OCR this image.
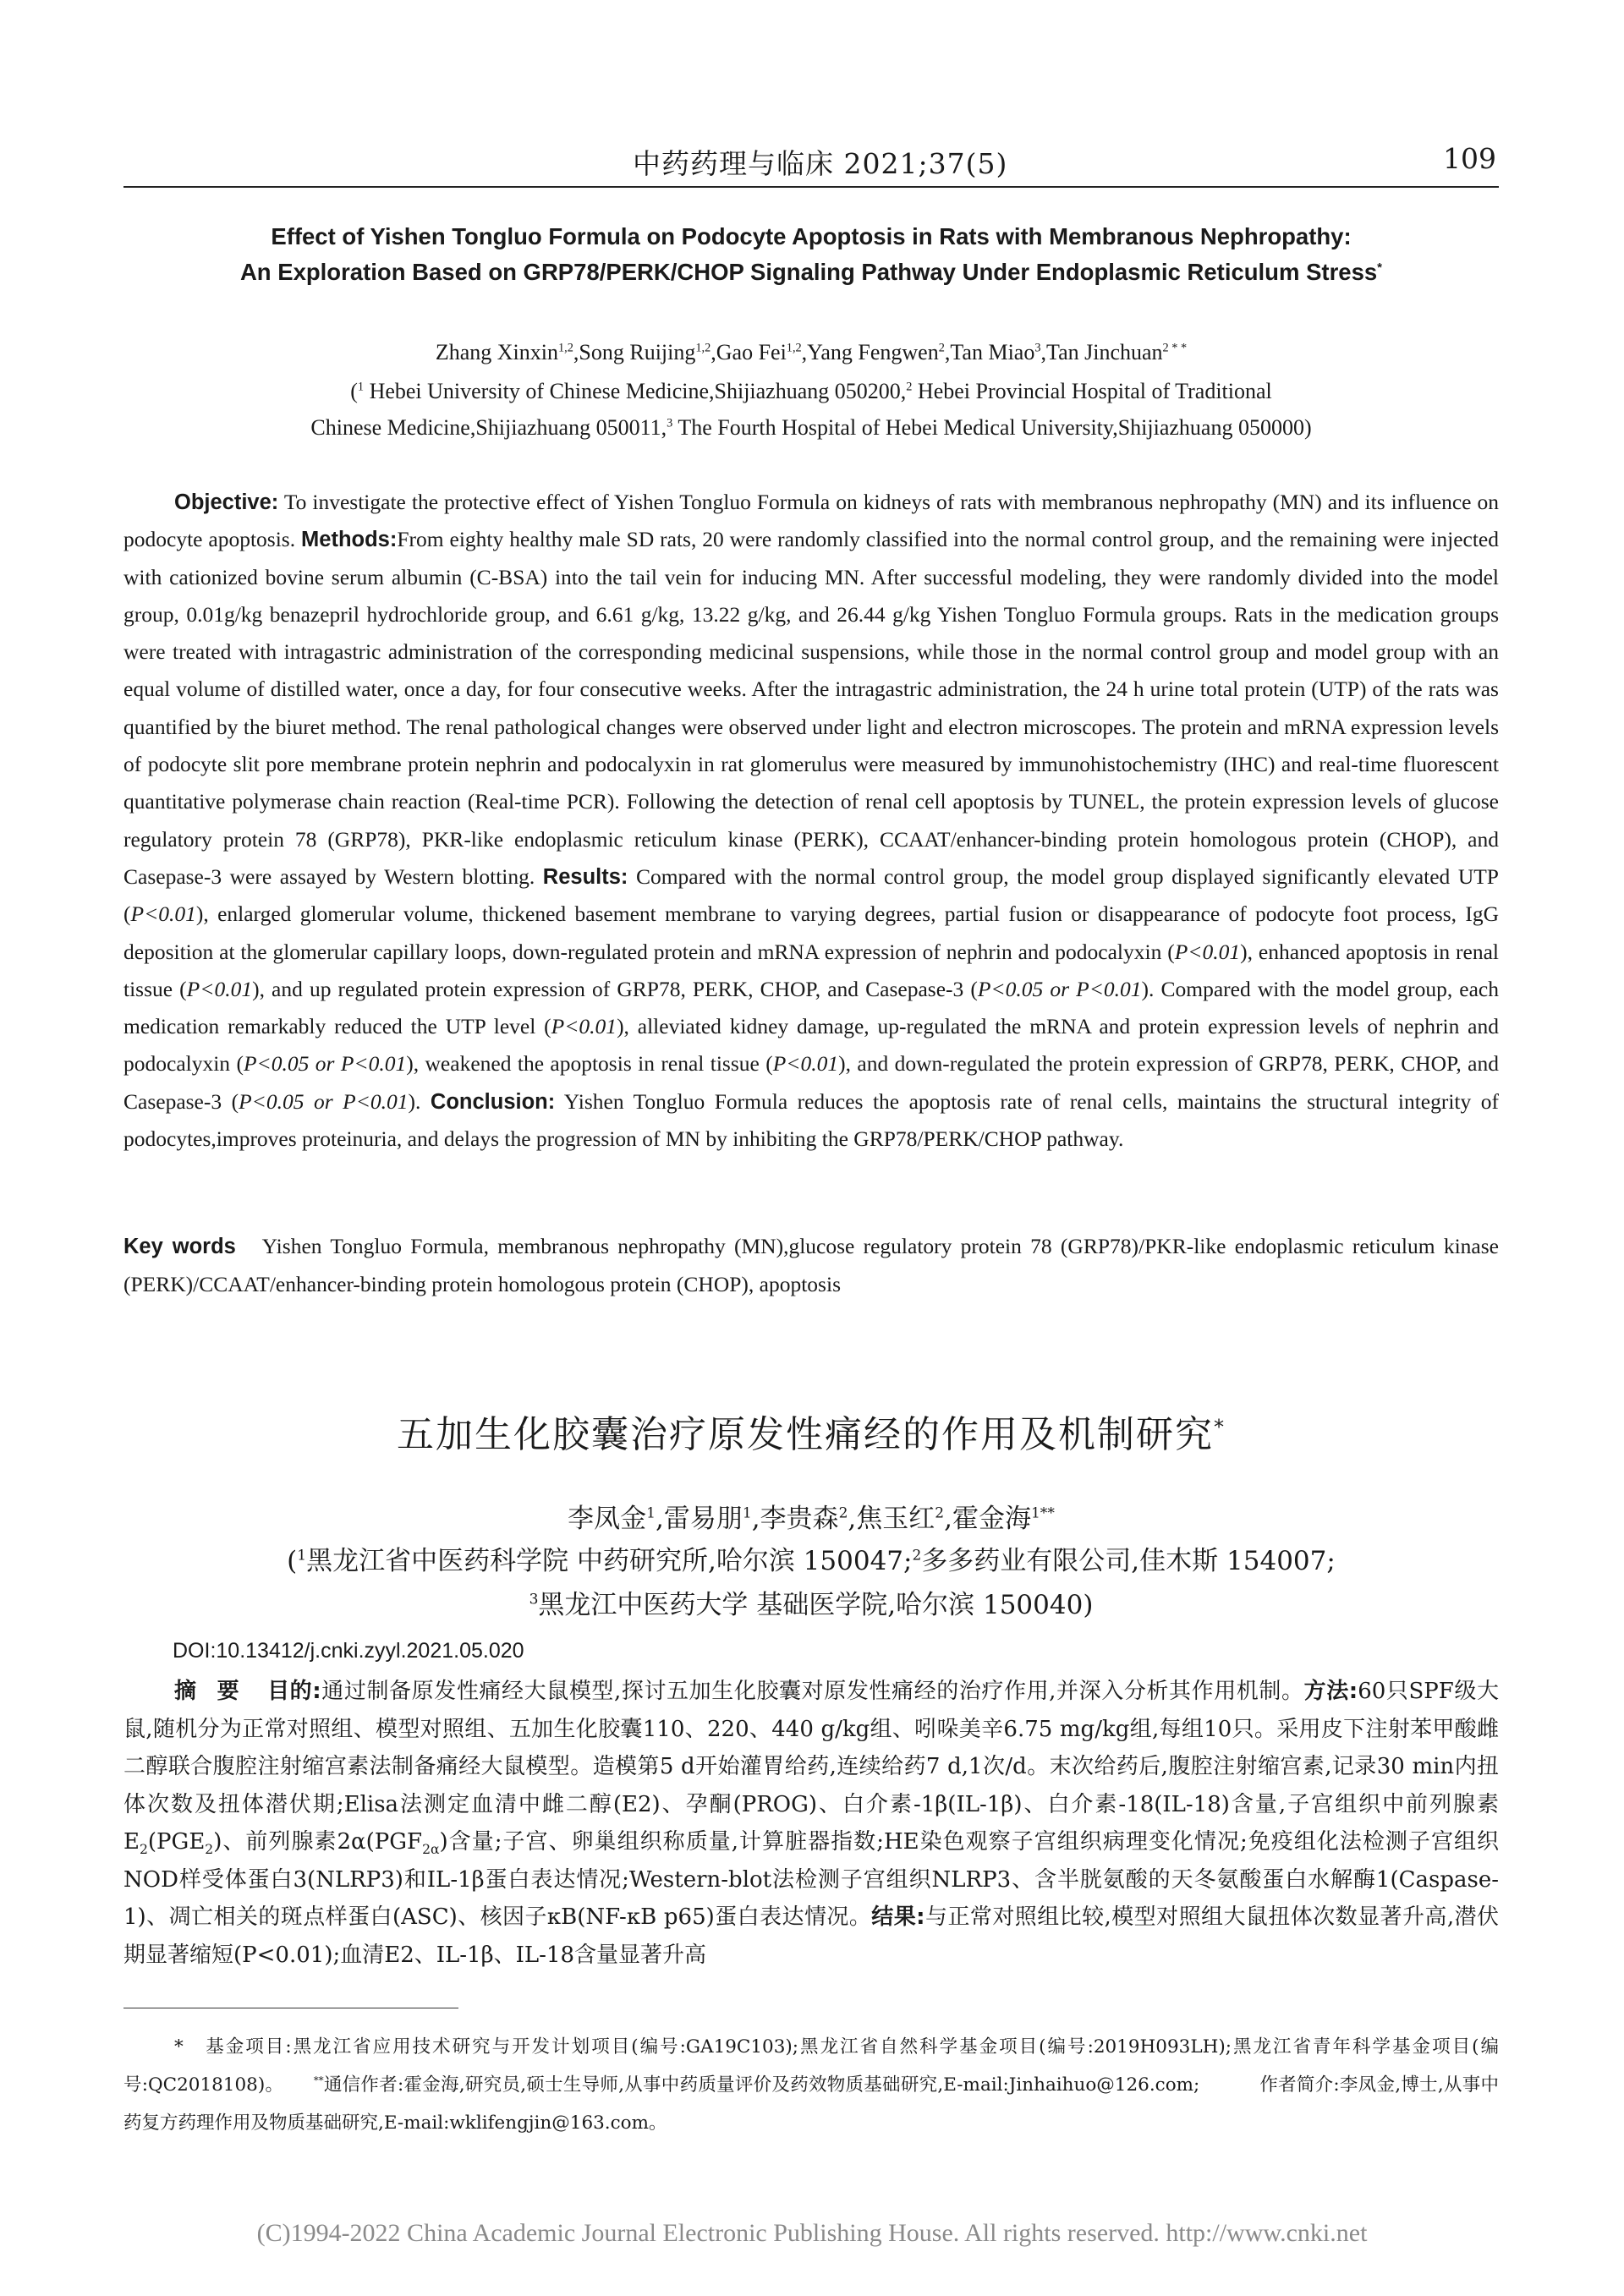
中药药理与临床 2021;37(5)	109
Effect of Yishen Tongluo Formula on Podocyte Apoptosis in Rats with Membranous Nephropathy:
An Exploration Based on GRP78/PERK/CHOP Signaling Pathway Under Endoplasmic Reticulum Stress*
Zhang Xinxin$^{1,2}$,Song Ruijing$^{1,2}$,Gao Fei$^{1,2}$,Yang Fengwen$^2$,Tan Miao$^3$,Tan Jinchuan$^{2 * *}$
($^1$ Hebei University of Chinese Medicine,Shijiazhuang 050200,$^2$ Hebei Provincial Hospital of Traditional
Chinese Medicine,Shijiazhuang 050011,$^3$ The Fourth Hospital of Hebei Medical University,Shijiazhuang 050000)
Objective: To investigate the protective effect of Yishen Tongluo Formula on kidneys of rats with membranous nephropathy (MN) and its influence on podocyte apoptosis. Methods:From eighty healthy male SD rats, 20 were randomly classified into the normal control group, and the remaining were injected with cationized bovine serum albumin (C-BSA) into the tail vein for inducing MN. After successful modeling, they were randomly divided into the model group, 0.01g/kg benazepril hydrochloride group, and 6.61 g/kg, 13.22 g/kg, and 26.44 g/kg Yishen Tongluo Formula groups. Rats in the medication groups were treated with intragastric administration of the corresponding medicinal suspensions, while those in the normal control group and model group with an equal volume of distilled water, once a day, for four consecutive weeks. After the intragastric administration, the 24 h urine total protein (UTP) of the rats was quantified by the biuret method. The renal pathological changes were observed under light and electron microscopes. The protein and mRNA expression levels of podocyte slit pore membrane protein nephrin and podocalyxin in rat glomerulus were measured by immunohistochemistry (IHC) and real-time fluorescent quantitative polymerase chain reaction (Real-time PCR). Following the detection of renal cell apoptosis by TUNEL, the protein expression levels of glucose regulatory protein 78 (GRP78), PKR-like endoplasmic reticulum kinase (PERK), CCAAT/enhancer-binding protein homologous protein (CHOP), and Casepase-3 were assayed by Western blotting. Results: Compared with the normal control group, the model group displayed significantly elevated UTP (P<0.01), enlarged glomerular volume, thickened basement membrane to varying degrees, partial fusion or disappearance of podocyte foot process, IgG deposition at the glomerular capillary loops, down-regulated protein and mRNA expression of nephrin and podocalyxin (P<0.01), enhanced apoptosis in renal tissue (P<0.01), and up regulated protein expression of GRP78, PERK, CHOP, and Casepase-3 (P<0.05 or P<0.01). Compared with the model group, each medication remarkably reduced the UTP level (P<0.01), alleviated kidney damage, up-regulated the mRNA and protein expression levels of nephrin and podocalyxin (P<0.05 or P<0.01), weakened the apoptosis in renal tissue (P<0.01), and down-regulated the protein expression of GRP78, PERK, CHOP, and Casepase-3 (P<0.05 or P<0.01). Conclusion: Yishen Tongluo Formula reduces the apoptosis rate of renal cells, maintains the structural integrity of podocytes,improves proteinuria, and delays the progression of MN by inhibiting the GRP78/PERK/CHOP pathway.
Key words Yishen Tongluo Formula, membranous nephropathy (MN),glucose regulatory protein 78 (GRP78)/PKR-like endoplasmic reticulum kinase (PERK)/CCAAT/enhancer-binding protein homologous protein (CHOP), apoptosis
五加生化胶囊治疗原发性痛经的作用及机制研究*
李凤金$^1$,雷易朋$^1$,李贵森$^2$,焦玉红$^2$,霍金海$^{1**}$
($^1$黑龙江省中医药科学院 中药研究所,哈尔滨 150047;$^2$多多药业有限公司,佳木斯 154007;
$^3$黑龙江中医药大学 基础医学院,哈尔滨 150040)
DOI:10.13412/j.cnki.zyyl.2021.05.020
摘要 目的:通过制备原发性痛经大鼠模型,探讨五加生化胶囊对原发性痛经的治疗作用,并深入分析其作用机制。方法:60只SPF级大鼠,随机分为正常对照组、模型对照组、五加生化胶囊110、220、440 g/kg组、吲哚美辛6.75 mg/kg组,每组10只。采用皮下注射苯甲酸雌二醇联合腹腔注射缩宫素法制备痛经大鼠模型。造模第5 d开始灌胃给药,连续给药7 d,1次/d。末次给药后,腹腔注射缩宫素,记录30 min内扭体次数及扭体潜伏期;Elisa法测定血清中雌二醇(E2)、孕酮(PROG)、白介素-1β(IL-1β)、白介素-18(IL-18)含量,子宫组织中前列腺素$E_2(PGE_2)$、前列腺素$2\alpha(PGF_{2\alpha})$含量;子宫、卵巢组织称质量,计算脏器指数;HE染色观察子宫组织病理变化情况;免疫组化法检测子宫组织NOD样受体蛋白3(NLRP3)和IL-1β蛋白表达情况;Western-blot法检测子宫组织NLRP3、含半胱氨酸的天冬氨酸蛋白水解酶1(Caspase-1)、凋亡相关的斑点样蛋白(ASC)、核因子κB(NF-κB p65)蛋白表达情况。结果:与正常对照组比较,模型对照组大鼠扭体次数显著升高,潜伏期显著缩短(P<0.01);血清E2、IL-1β、IL-18含量显著升高
* 基金项目:黑龙江省应用技术研究与开发计划项目(编号:GA19C103);黑龙江省自然科学基金项目(编号:2019H093LH);黑龙江省青年科学基金项目(编号:QC2018108)。	**通信作者:霍金海,研究员,硕士生导师,从事中药质量评价及药效物质基础研究,E-mail:Jinhaihuo@126.com;	作者简介:李凤金,博士,从事中药复方药理作用及物质基础研究,E-mail:wklifengjin@163.com。
(C)1994-2022 China Academic Journal Electronic Publishing House. All rights reserved. http://www.cnki.net
